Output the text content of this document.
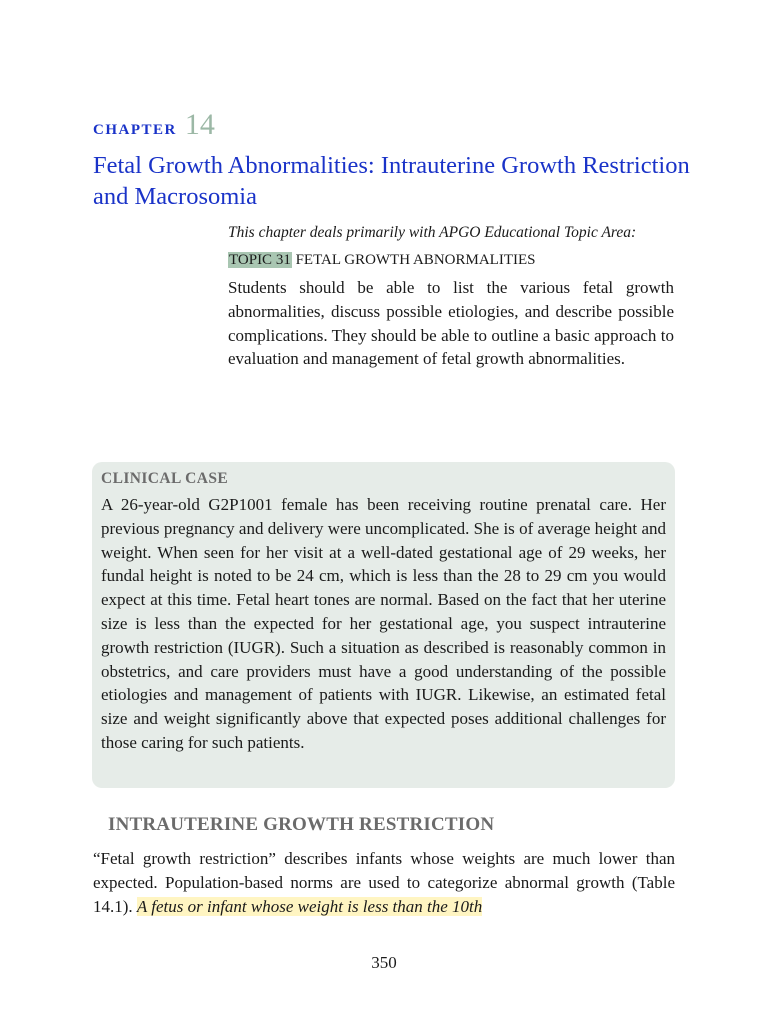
CHAPTER 14
Fetal Growth Abnormalities: Intrauterine Growth Restriction and Macrosomia

This chapter deals primarily with APGO Educational Topic Area:

TOPIC 31 FETAL GROWTH ABNORMALITIES

Students should be able to list the various fetal growth abnormalities, discuss possible etiologies, and describe possible complications. They should be able to outline a basic approach to evaluation and management of fetal growth abnormalities.

CLINICAL CASE

A 26-year-old G2P1001 female has been receiving routine prenatal care. Her previous pregnancy and delivery were uncomplicated. She is of average height and weight. When seen for her visit at a well-dated gestational age of 29 weeks, her fundal height is noted to be 24 cm, which is less than the 28 to 29 cm you would expect at this time. Fetal heart tones are normal. Based on the fact that her uterine size is less than the expected for her gestational age, you suspect intrauterine growth restriction (IUGR). Such a situation as described is reasonably common in obstetrics, and care providers must have a good understanding of the possible etiologies and management of patients with IUGR. Likewise, an estimated fetal size and weight significantly above that expected poses additional challenges for those caring for such patients.

INTRAUTERINE GROWTH RESTRICTION

“Fetal growth restriction” describes infants whose weights are much lower than expected. Population-based norms are used to categorize abnormal growth (Table 14.1). A fetus or infant whose weight is less than the 10th

350
